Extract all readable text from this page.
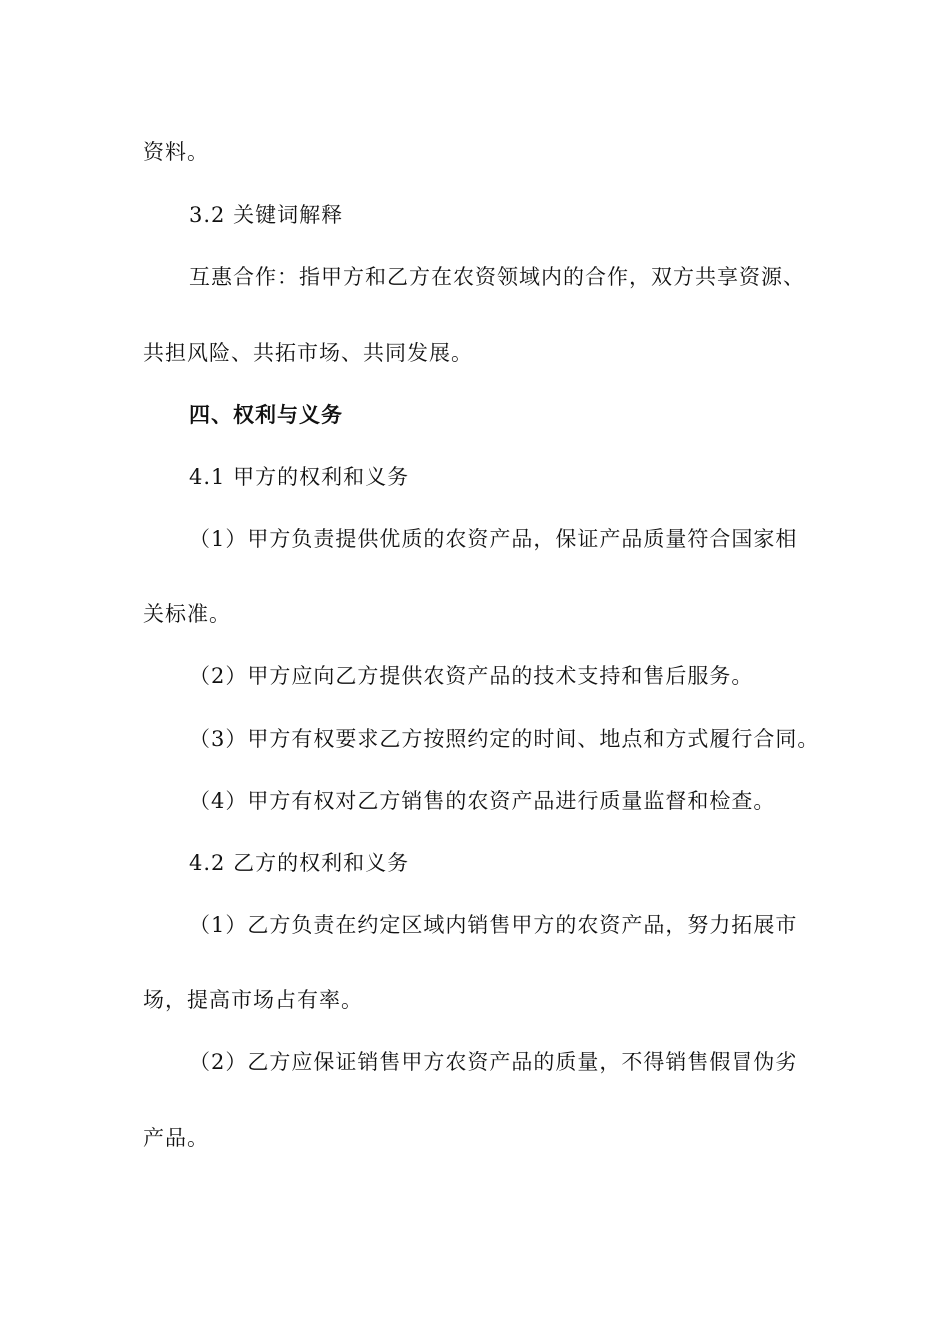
资料。
3.2 关键词解释
互惠合作：指甲方和乙方在农资领域内的合作，双方共享资源、
共担风险、共拓市场、共同发展。
四、权利与义务
4.1 甲方的权利和义务
（1）甲方负责提供优质的农资产品，保证产品质量符合国家相
关标准。
（2）甲方应向乙方提供农资产品的技术支持和售后服务。
（3）甲方有权要求乙方按照约定的时间、地点和方式履行合同。
（4）甲方有权对乙方销售的农资产品进行质量监督和检查。
4.2 乙方的权利和义务
（1）乙方负责在约定区域内销售甲方的农资产品，努力拓展市
场，提高市场占有率。
（2）乙方应保证销售甲方农资产品的质量，不得销售假冒伪劣
产品。
